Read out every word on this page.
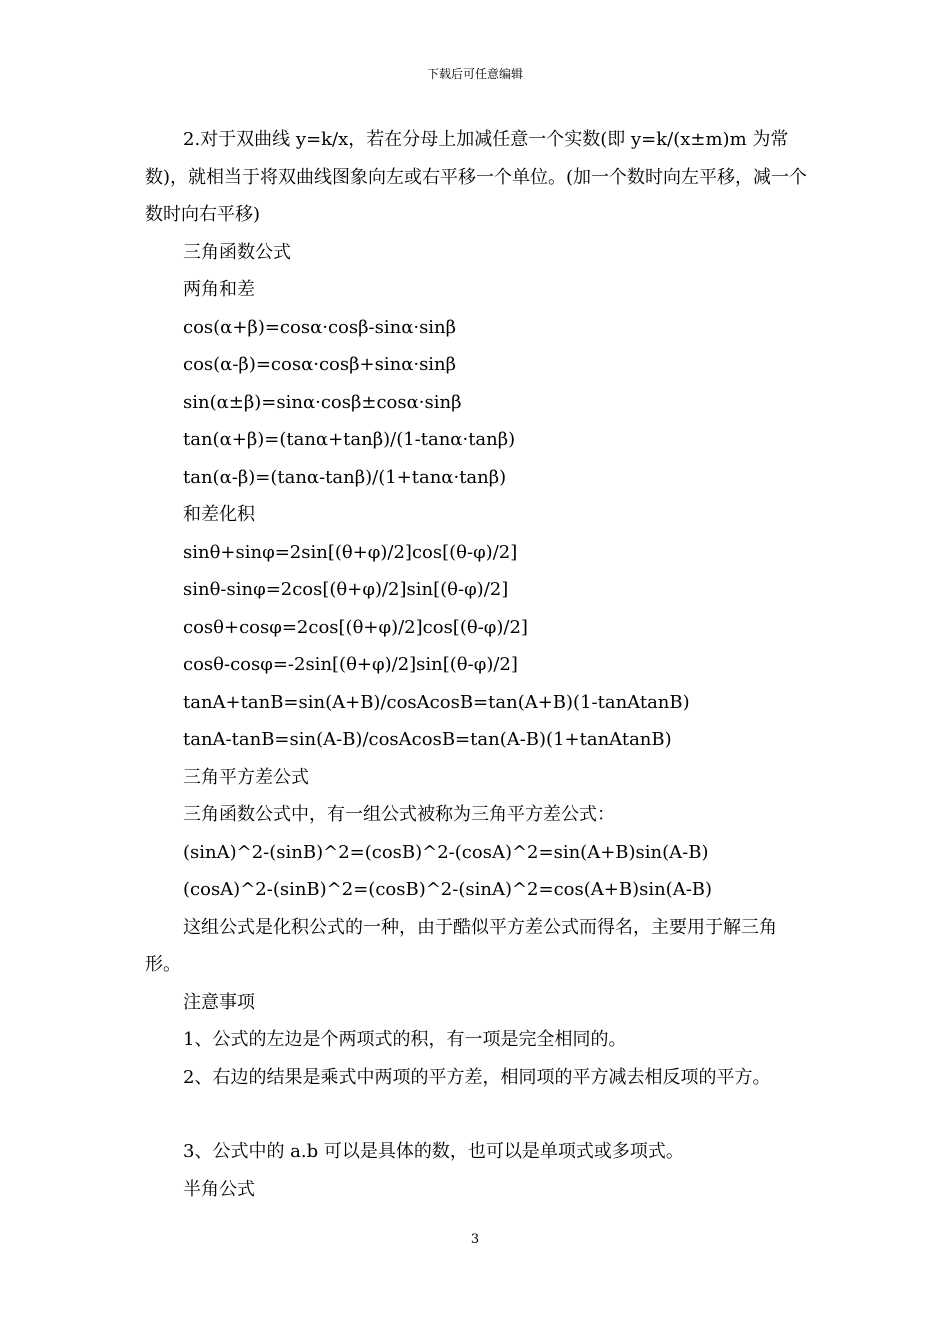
下载后可任意编辑

2.对于双曲线 y=k/x，若在分母上加减任意一个实数(即 y=k/(x±m)m 为常数)，就相当于将双曲线图象向左或右平移一个单位。(加一个数时向左平移，减一个数时向右平移)

三角函数公式

两角和差

cos(α+β)=cosα·cosβ-sinα·sinβ

cos(α-β)=cosα·cosβ+sinα·sinβ

sin(α±β)=sinα·cosβ±cosα·sinβ

tan(α+β)=(tanα+tanβ)/(1-tanα·tanβ)

tan(α-β)=(tanα-tanβ)/(1+tanα·tanβ)

和差化积

sinθ+sinφ=2sin[(θ+φ)/2]cos[(θ-φ)/2]

sinθ-sinφ=2cos[(θ+φ)/2]sin[(θ-φ)/2]

cosθ+cosφ=2cos[(θ+φ)/2]cos[(θ-φ)/2]

cosθ-cosφ=-2sin[(θ+φ)/2]sin[(θ-φ)/2]

tanA+tanB=sin(A+B)/cosAcosB=tan(A+B)(1-tanAtanB)

tanA-tanB=sin(A-B)/cosAcosB=tan(A-B)(1+tanAtanB)

三角平方差公式

三角函数公式中，有一组公式被称为三角平方差公式：

(sinA)^2-(sinB)^2=(cosB)^2-(cosA)^2=sin(A+B)sin(A-B)

(cosA)^2-(sinB)^2=(cosB)^2-(sinA)^2=cos(A+B)sin(A-B)

这组公式是化积公式的一种，由于酷似平方差公式而得名，主要用于解三角形。

注意事项

1、公式的左边是个两项式的积，有一项是完全相同的。

2、右边的结果是乘式中两项的平方差，相同项的平方减去相反项的平方。

3、公式中的 a.b 可以是具体的数，也可以是单项式或多项式。

半角公式

3
